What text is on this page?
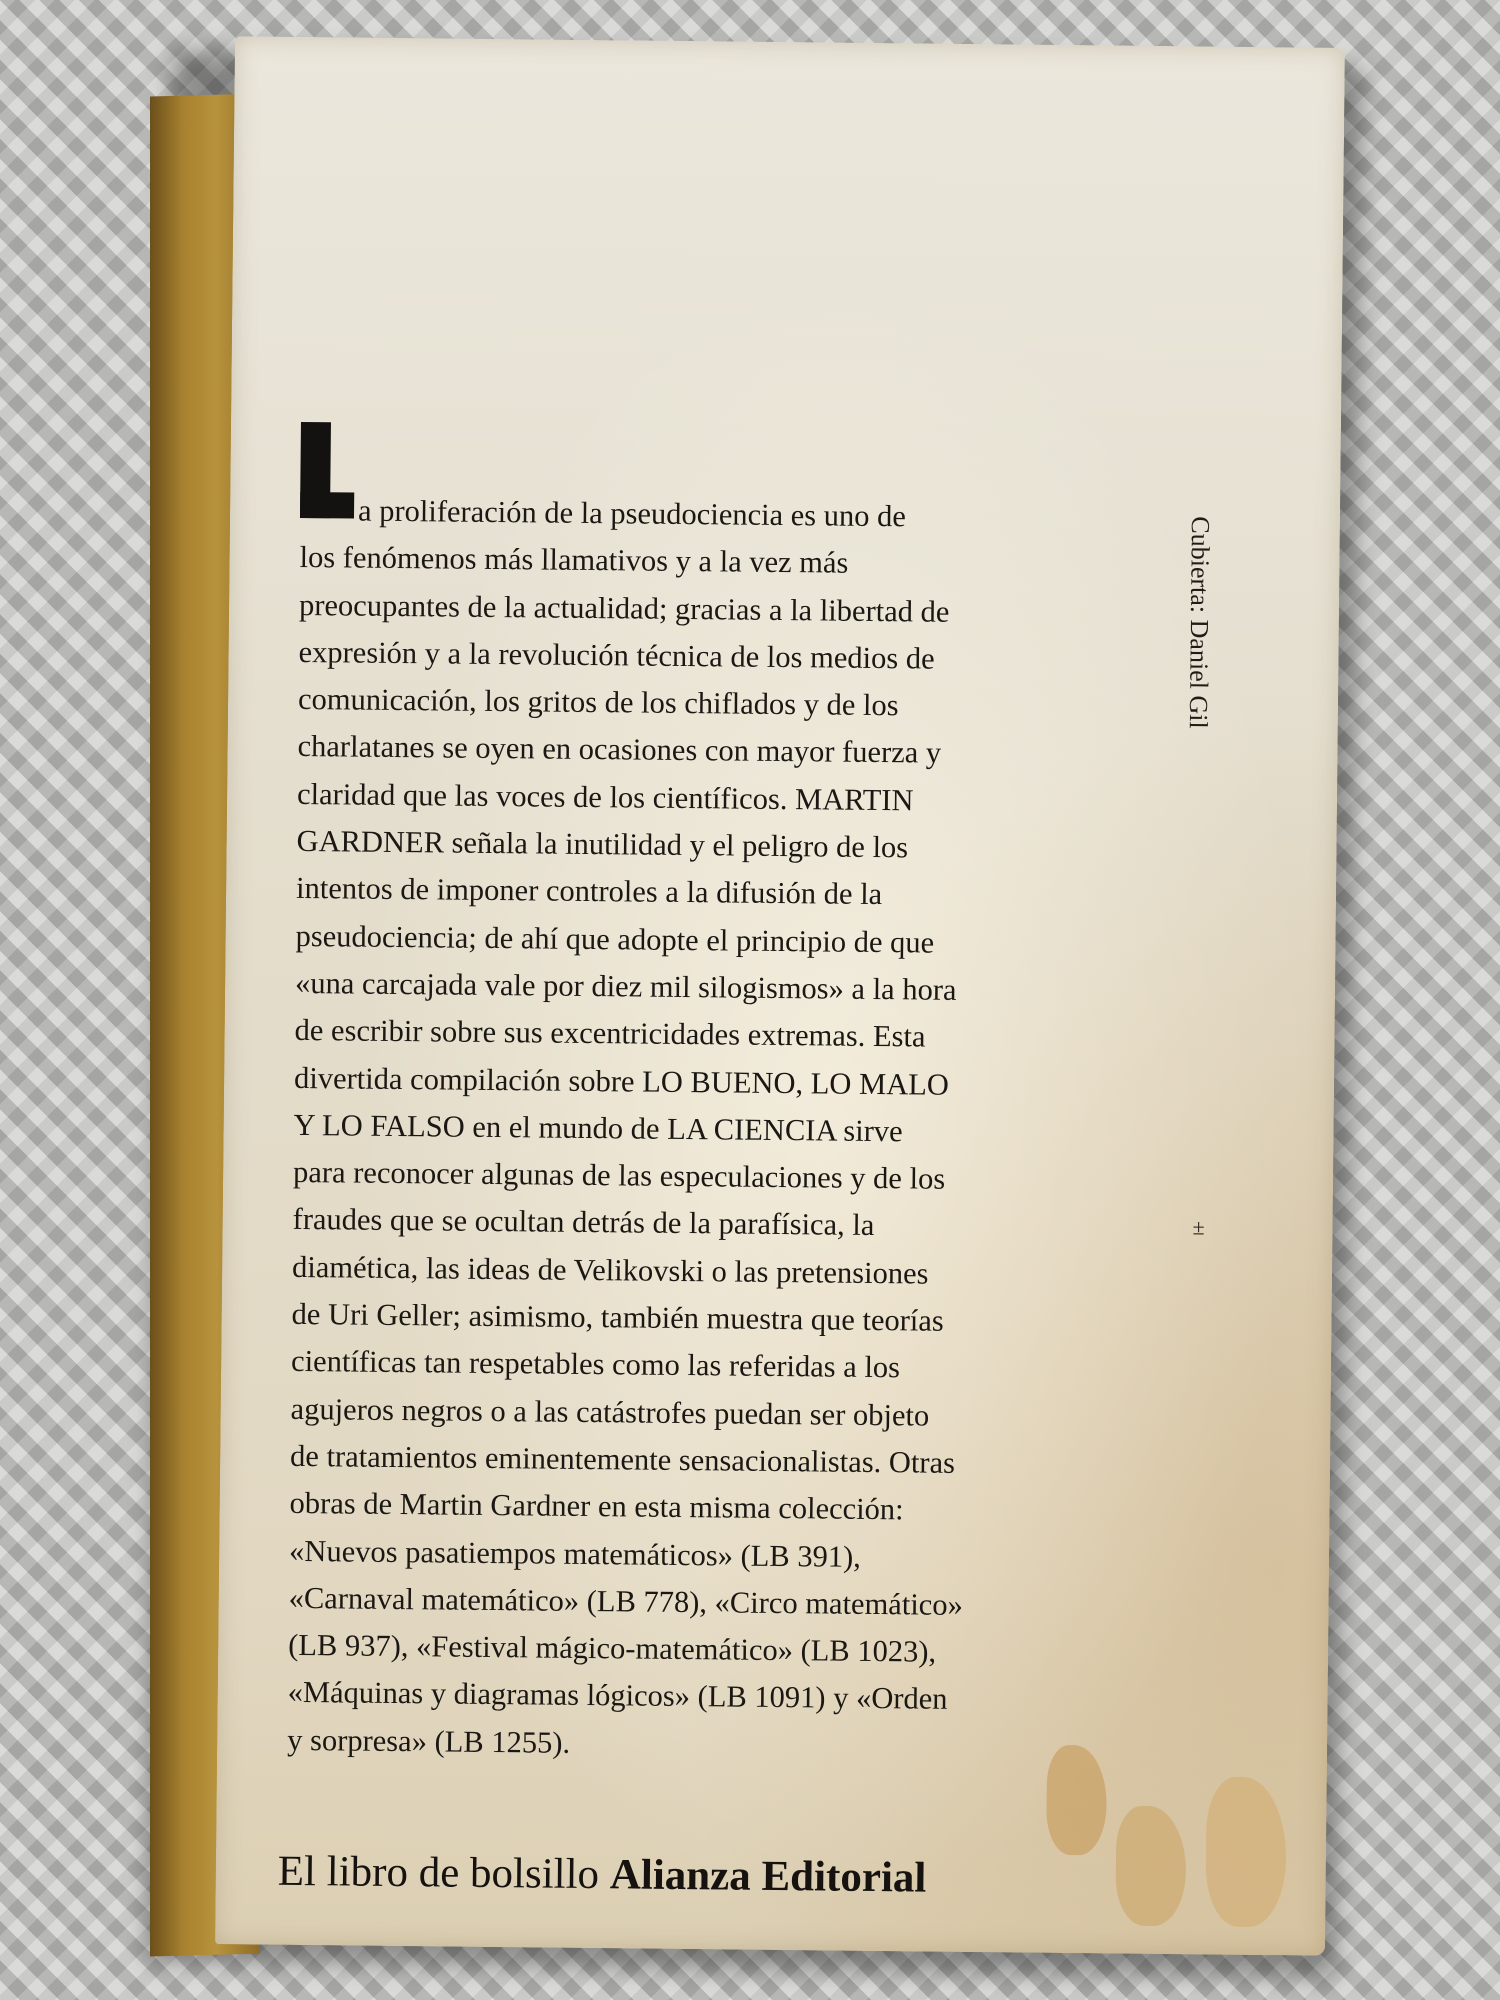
a proliferación de la pseudociencia es uno de
los fenómenos más llamativos y a la vez más
preocupantes de la actualidad; gracias a la libertad de
expresión y a la revolución técnica de los medios de
comunicación, los gritos de los chiflados y de los
charlatanes se oyen en ocasiones con mayor fuerza y
claridad que las voces de los científicos. MARTIN
GARDNER señala la inutilidad y el peligro de los
intentos de imponer controles a la difusión de la
pseudociencia; de ahí que adopte el principio de que
«una carcajada vale por diez mil silogismos» a la hora
de escribir sobre sus excentricidades extremas. Esta
divertida compilación sobre LO BUENO, LO MALO
Y LO FALSO en el mundo de LA CIENCIA sirve
para reconocer algunas de las especulaciones y de los
fraudes que se ocultan detrás de la parafísica, la
diamética, las ideas de Velikovski o las pretensiones
de Uri Geller; asimismo, también muestra que teorías
científicas tan respetables como las referidas a los
agujeros negros o a las catástrofes puedan ser objeto
de tratamientos eminentemente sensacionalistas. Otras
obras de Martin Gardner en esta misma colección:
«Nuevos pasatiempos matemáticos» (LB 391),
«Carnaval matemático» (LB 778), «Circo matemático»
(LB 937), «Festival mágico-matemático» (LB 1023),
«Máquinas y diagramas lógicos» (LB 1091) y «Orden
y sorpresa» (LB 1255).
Cubierta: Daniel Gil
±
El libro de bolsillo Alianza Editorial
